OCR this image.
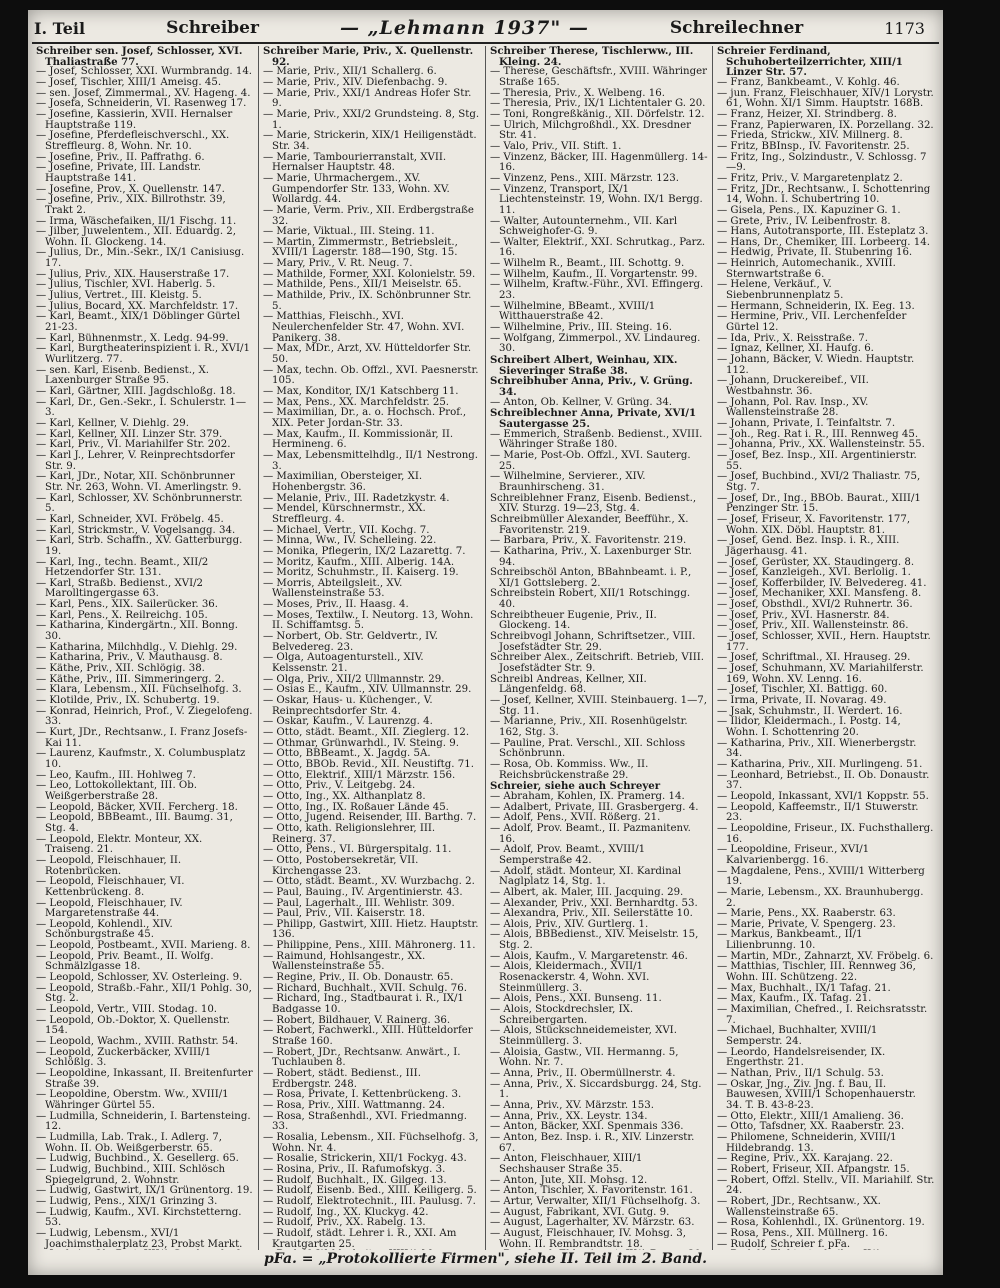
I. Teil	Schreiber	— „Lehmann 1937" —	Schreilechner	1173

Schreiber sen. Josef, Schlosser, XVI. Thaliastraße 77.

— Josef, Schlosser, XXI. Wurmbrandg. 14.

— Josef, Tischler, XIII/1 Ameisg. 45.

— sen. Josef, Zimmermal., XV. Hageng. 4.

— Josefa, Schneiderin, VI. Rasenweg 17.

— Josefine, Kassierin, XVII. Hernalser Hauptstraße 119.

— Josefine, Pferdefleischverschl., XX. Streffleurg. 8, Wohn. Nr. 10.

— Josefine, Priv., II. Paffrathg. 6.

— Josefine, Private, III. Landstr. Hauptstraße 141.

— Josefine, Prov., X. Quellenstr. 147.

— Josefine, Priv., XIX. Billrothstr. 39, Trakt 2.

— Irma, Wäschefaiken, II/1 Fischg. 11.

— Jilber, Juwelentem., XII. Eduardg. 2, Wohn. II. Glockeng. 14.

— Julius, Dr., Min.-Sekr., IX/1 Canisiusg. 17.

— Julius, Priv., XIX. Hauserstraße 17.

— Julius, Tischler, XVI. Haberlg. 5.

— Julius, Vertret., III. Kleistg. 5.

— Julius, Bocard, XX. Marchfeldstr. 17.

— Karl, Beamt., XIX/1 Döblinger Gürtel 21-23.

— Karl, Bühnenmstr., X. Ledg. 94-99.

— Karl, Burgtheaterinspizient i. R., XVI/1 Wurlitzerg. 77.

— sen. Karl, Eisenb. Bedienst., X. Laxenburger Straße 95.

— Karl, Gärtner, XIII. Jagdschloßg. 18.

— Karl, Dr., Gen.-Sekr., I. Schulerstr. 1—3.

— Karl, Kellner, V. Diehlg. 29.

— Karl, Kellner, XII. Linzer Str. 379.

— Karl, Priv., VI. Mariahilfer Str. 202.

— Karl J., Lehrer, V. Reinprechtsdorfer Str. 9.

— Karl, JDr., Notar, XII. Schönbrunner Str. Nr. 263, Wohn. VI. Amerlingstr. 9.

— Karl, Schlosser, XV. Schönbrunnerstr. 5.

— Karl, Schneider, XVI. Fröbelg. 45.

— Karl, Strickmstr., V. Vogelsangg. 34.

— Karl, Strb. Schaffn., XV. Gatterburgg. 19.

— Karl, Ing., techn. Beamt., XII/2 Hetzendorfer Str. 131.

— Karl, Straßb. Bedienst., XVI/2 Marolltingergasse 63.

— Karl, Pens., XIX. Sailerücker. 36.

— Karl, Pens., X. Reilreichg. 105.

— Katharina, Kindergärtn., XII. Bonng. 30.

— Katharina, Milchhdlg., V. Diehlg. 29.

— Katharina, Priv., V. Mauthausg. 8.

— Käthe, Priv., XII. Schlögig. 38.

— Käthe, Priv., III. Simmeringerg. 2.

— Klara, Lebensm., XII. Füchselhofg. 3.

— Klotilde, Priv., IX. Schubertg. 19.

— Konrad, Heinrich, Prof., V. Ziegelofeng. 33.

— Kurt, JDr., Rechtsanw., I. Franz Josefs-Kai 11.

— Laurenz, Kaufmstr., X. Columbusplatz 10.

— Leo, Kaufm., III. Hohlweg 7.

— Leo, Lottokollektant, III. Ob. Weißgerberstraße 28.

— Leopold, Bäcker, XVII. Fercherg. 18.

— Leopold, BBBeamt., III. Baumg. 31, Stg. 4.

— Leopold, Elektr. Monteur, XX. Traiseng. 21.

— Leopold, Fleischhauer, II. Rotenbrücken.

— Leopold, Fleischhauer, VI. Kettenbrückeng. 8.

— Leopold, Fleischhauer, IV. Margaretenstraße 44.

— Leopold, Kohlendl., XIV. Schönburgstraße 45.

— Leopold, Postbeamt., XVII. Marieng. 8.

— Leopold, Priv. Beamt., II. Wolfg. Schmälzlgasse 18.

— Leopold, Schlosser, XV. Osterleing. 9.

— Leopold, Straßb.-Fahr., XII/1 Pohlg. 30, Stg. 2.

— Leopold, Vertr., VIII. Stodag. 10.

— Leopold, Ob.-Doktor, X. Quellenstr. 154.

— Leopold, Wachm., XVIII. Rathstr. 54.

— Leopold, Zuckerbäcker, XVIII/1 Schlößlg. 3.

— Leopoldine, Inkassant, II. Breitenfurter Straße 39.

— Leopoldine, Oberstm. Ww., XVIII/1 Währinger Gürtel 55.

— Ludmilla, Schneiderin, I. Bartensteing. 12.

— Ludmilla, Lab. Trak., I. Adlerg. 7, Wohn. II. Ob. Weißgerberstr. 65.

— Ludwig, Buchbind., X. Gesellerg. 65.

— Ludwig, Buchbind., XIII. Schlösch Spiegelgrund, 2. Wohnstr.

— Ludwig, Gastwirt, IX/1 Grünentorg. 19.

— Ludwig, Pens., XIX/1 Grinzing 3.

— Ludwig, Kaufm., XVI. Kirchstetterng. 53.

— Ludwig, Lebensm., XVI/1 Joachimsthalerplatz 23, Probst Markt.

Schreiber Marie, Priv., X. Quellenstr. 92.

— Marie, Priv., XII/1 Schallerg. 6.

— Marie, Priv., XIV. Diefenbachg. 9.

— Marie, Priv., XXI/1 Andreas Hofer Str. 9.

— Marie, Priv., XXI/2 Grundsteing. 8, Stg. 1.

— Marie, Strickerin, XIX/1 Heiligenstädt. Str. 34.

— Marie, Tambourierranstalt, XVII. Hernalser Hauptstr. 48.

— Marie, Uhrmachergem., XV. Gumpendorfer Str. 133, Wohn. XV. Wollardg. 44.

— Marie, Verm. Priv., XII. Erdbergstraße 32.

— Marie, Viktual., III. Steing. 11.

— Martin, Zimmermstr., Betriebsleit., XVIII/1 Lagerstr. 188—190, Stg. 15.

— Mary, Priv., V. Rt. Neug. 7.

— Mathilde, Former, XXI. Kolonielstr. 59.

— Mathilde, Pens., XII/1 Meiselstr. 65.

— Mathilde, Priv., IX. Schönbrunner Str. 5.

— Matthias, Fleischh., XVI. Neulerchenfelder Str. 47, Wohn. XVI. Panikerg. 38.

— Max, MDr., Arzt, XV. Hütteldorfer Str. 50.

— Max, techn. Ob. Offzl., XVI. Paesnerstr. 105.

— Max, Konditor, IX/1 Katschberg 11.

— Max, Pens., XX. Marchfeldstr. 25.

— Maximilian, Dr., a. o. Hochsch. Prof., XIX. Peter Jordan-Str. 33.

— Max, Kaufm., II. Kommissionär, II. Hermineng. 6.

— Max, Lebensmittelhdlg., II/1 Nestrong. 3.

— Maximilian, Obersteiger, XI. Hohenbergstr. 36.

— Melanie, Priv., III. Radetzkystr. 4.

— Mendel, Kürschnermstr., XX. Streffleurg. 4.

— Michael, Vertr., VII. Kochg. 7.

— Minna, Ww., IV. Schelleing. 22.

— Monika, Pflegerin, IX/2 Lazarettg. 7.

— Moritz, Kaufm., XIII. Alberig. 14A.

— Moritz, Schuhmstr., II. Kaiserg. 19.

— Morris, Abteilgsleit., XV. Wallensteinstraße 53.

— Moses, Priv., II. Haasg. 4.

— Moses, Textilw., I. Neutorg. 13, Wohn. II. Schiffamtsg. 5.

— Norbert, Ob. Str. Geldvertr., IV. Belvedereg. 23.

— Olga, Autoagenturstell., XIV. Kelssenstr. 21.

— Olga, Priv., XII/2 Ullmannstr. 29.

— Osias E., Kaufm., XIV. Ullmannstr. 29.

— Oskar, Haus- u. Küchenger., V. Reinprechtsdorfer Str. 4.

— Oskar, Kaufm., V. Laurenzg. 4.

— Otto, städt. Beamt., XII. Zieglerg. 12.

— Othmar, Grünwarhdl., IV. Steing. 9.

— Otto, BBBeamt., X. Jagdg. 5A.

— Otto, BBOb. Revid., XII. Neustiftg. 71.

— Otto, Elektrif., XIII/1 Märzstr. 156.

— Otto, Priv., V. Leitgebg. 24.

— Otto, Ing., XX. Althanplatz 8.

— Otto, Ing., IX. Roßauer Lände 45.

— Otto, Jugend. Reisender, III. Barthg. 7.

— Otto, kath. Religionslehrer, III. Reinerg. 37.

— Otto, Pens., VI. Bürgerspitalg. 11.

— Otto, Postobersekretär, VII. Kirchengasse 23.

— Otto, städt. Beamt., XV. Wurzbachg. 2.

— Paul, Bauing., IV. Argentinierstr. 43.

— Paul, Lagerhalt., III. Wehlistr. 309.

— Paul, Priv., VII. Kaiserstr. 18.

— Philipp, Gastwirt, XIII. Hietz. Hauptstr. 136.

— Philippine, Pens., XIII. Mähronerg. 11.

— Raimund, Hohlsangestr., XX. Wallensteinstraße 55.

— Regine, Priv., II. Ob. Donaustr. 65.

— Richard, Buchhalt., XVII. Schulg. 76.

— Richard, Ing., Stadtbaurat i. R., IX/1 Badgasse 10.

— Robert, Bildhauer, V. Rainerg. 36.

— Robert, Fachwerkl., XIII. Hütteldorfer Straße 160.

— Robert, JDr., Rechtsanw. Anwärt., I. Tuchlauben 8.

— Robert, städt. Bedienst., III. Erdbergstr. 248.

— Rosa, Private, I. Kettenbrückeng. 3.

— Rosa, Priv., XIII. Wattmanng. 24.

— Rosa, Straßenhdl., XVI. Friedmanng. 33.

— Rosalia, Lebensm., XII. Füchselhofg. 3, Wohn. Nr. 4.

— Rosalie, Strickerin, XII/1 Fockyg. 43.

— Rosina, Priv., II. Rafumofskyg. 3.

— Rudolf, Buchhalt., IX. Gilgeg. 13.

— Rudolf, Eisenb. Bed., XIII. Keiligerg. 5.

— Rudolf, Elektrotechnit., III. Paulusg. 7.

— Rudolf, Ing., XX. Kluckyg. 42.

— Rudolf, Priv., XX. Rabelg. 13.

— Rudolf, städt. Lehrer i. R., XXI. Am Krautgarten 25.

Schreiber Therese, Tischlerww., III. Kleing. 24.

— Therese, Geschäftsfr., XVIII. Währinger Straße 165.

— Theresia, Priv., X. Welbeng. 16.

— Theresia, Priv., IX/1 Lichtentaler G. 20.

— Toni, Rongreßkänig., XII. Dörfelstr. 12.

— Ulrich, Milchgroßhdl., XX. Dresdner Str. 41.

— Valo, Priv., VII. Stift. 1.

— Vinzenz, Bäcker, III. Hagenmüllerg. 14-16.

— Vinzenz, Pens., XIII. Märzstr. 123.

— Vinzenz, Transport, IX/1 Liechtensteinstr. 19, Wohn. IX/1 Bergg. 11.

— Walter, Autounternehm., VII. Karl Schweighofer-G. 9.

— Walter, Elektrif., XXI. Schrutkag., Parz. 16.

— Wilhelm R., Beamt., III. Schottg. 9.

— Wilhelm, Kaufm., II. Vorgartenstr. 99.

— Wilhelm, Kraftw.-Führ., XVI. Effingerg. 23.

— Wilhelmine, BBeamt., XVIII/1 Witthauerstraße 42.

— Wilhelmine, Priv., III. Steing. 16.

— Wolfgang, Zimmerpol., XV. Lindaureg. 30.

Schreibert Albert, Weinhau, XIX. Sieveringer Straße 38.

Schreibhuber Anna, Priv., V. Grüng. 34.

— Anton, Ob. Kellner, V. Grüng. 34.

Schreiblechner Anna, Private, XVI/1 Sautergasse 25.

— Emmerich, Straßenb. Bedienst., XVIII. Währinger Straße 180.

— Marie, Post-Ob. Offzl., XVI. Sauterg. 25.

— Wilhelmine, Servierer., XIV. Braunhirscheng. 31.

Schreiblehner Franz, Eisenb. Bedienst., XIV. Sturzg. 19—23, Stg. 4.

Schreibmüller Alexander, Beefführ., X. Favoritenstr. 219.

— Barbara, Priv., X. Favoritenstr. 219.

— Katharina, Priv., X. Laxenburger Str. 94.

Schreibschöl Anton, BBahnbeamt. i. P., XI/1 Gottsleberg. 2.

Schreibstein Robert, XII/1 Rotschingg. 40.

Schreibtheuer Eugenie, Priv., II. Glockeng. 14.

Schreibvogl Johann, Schriftsetzer., VIII. Josefstädter Str. 29.

Schreiber Alex., Zeitschrift. Betrieb, VIII. Josefstädter Str. 9.

Schreibl Andreas, Kellner, XII. Längenfeldg. 68.

— Josef, Kellner, XVIII. Steinbauerg. 1—7, Stg. 11.

— Marianne, Priv., XII. Rosenhügelstr. 162, Stg. 3.

— Pauline, Prat. Verschl., XII. Schloss Schönbrunn.

— Rosa, Ob. Kommiss. Ww., II. Reichsbrückenstraße 29.

Schreier, siehe auch Schreyer

— Abraham, Kohlen, IX. Pramerg. 14.

— Adalbert, Private, III. Grasbergerg. 4.

— Adolf, Pens., XVII. Rößerg. 21.

— Adolf, Prov. Beamt., II. Pazmanitenv. 16.

— Adolf, Prov. Beamt., XVIII/1 Semperstraße 42.

— Adolf, städt. Monteur, XI. Kardinal Naglplatz 14, Stg. 1.

— Albert, ak. Maler, III. Jacquing. 29.

— Alexander, Priv., XXI. Bernhardtg. 53.

— Alexandra, Priv., XII. Seilerstätte 10.

— Alois, Priv., XIV. Gurtlerg. 1.

— Alois, BBBedienst., XIV. Meiselstr. 15, Stg. 2.

— Alois, Kaufm., V. Margaretenstr. 46.

— Alois, Kleidermach., XVII/1 Rosenackerstr. 4, Wohn. XVI. Steinmüllerg. 3.

— Alois, Pens., XXI. Bunseng. 11.

— Alois, Stockdrechsler, IX. Schreibergarten.

— Alois, Stückschneidemeister, XVI. Steinmüllerg. 3.

— Aloisia, Gastw., VII. Hermanng. 5, Wohn. Nr. 7.

— Anna, Priv., II. Obermüllnerstr. 4.

— Anna, Priv., X. Siccardsburgg. 24, Stg. 1.

— Anna, Priv., XV. Märzstr. 153.

— Anna, Priv., XX. Leystr. 134.

— Anton, Bäcker, XXI. Spenmais 336.

— Anton, Bez. Insp. i. R., XIV. Linzerstr. 67.

— Anton, Fleischhauer, XIII/1 Sechshauser Straße 35.

— Anton, Jute, XII. Mohsg. 12.

— Anton, Tischler, X. Favoritenstr. 161.

— Artur, Verwalter, XII/1 Füchselhofg. 3.

— August, Fabrikant, XVI. Gutg. 9.

— August, Lagerhalter, XV. Märzstr. 63.

— August, Fleischhauer, IV. Mohsg. 3, Wohn. II. Rembrandtstr. 18.

Schreier Ferdinand, Schuhoberteilzerrichter, XIII/1 Linzer Str. 57.

— Franz, Bankbeamt., V. Kohlg. 46.

— jun. Franz, Fleischhauer, XIV/1 Lorystr. 61, Wohn. XI/1 Simm. Hauptstr. 168B.

— Franz, Heizer, XI. Strindberg. 8.

— Franz, Papierwaren, IX. Porzellang. 32.

— Frieda, Strickw., XIV. Millnerg. 8.

— Fritz, BBInsp., IV. Favoritenstr. 25.

— Fritz, Ing., Solzindustr., V. Schlossg. 7—9.

— Fritz, Priv., V. Margaretenplatz 2.

— Fritz, JDr., Rechtsanw., I. Schottenring 14, Wohn. I. Schubertring 10.

— Gisela, Pens., IX. Kapuziner G. 1.

— Grete, Priv., IV. Leibenfrostr. 8.

— Hans, Autotransporte, III. Esteplatz 3.

— Hans, Dr., Chemiker, III. Lorbeerg. 14.

— Hedwig, Private, II. Stubenring 16.

— Heinrich, Automechanik., XVIII. Sternwartstraße 6.

— Helene, Verkäuf., V. Siebenbrunnenplatz 5.

— Hermann, Schneiderin, IX. Eeg. 13.

— Hermine, Priv., VII. Lerchenfelder Gürtel 12.

— Ida, Priv., X. Reisstraße. 7.

— Ignaz, Kellner, XI. Haufg. 6.

— Johann, Bäcker, V. Wiedn. Hauptstr. 112.

— Johann, Druckereibef., VII. Westbahnstr. 36.

— Johann, Pol. Rav. Insp., XV. Wallensteinstraße 28.

— Johann, Private, I. Teinfaltstr. 7.

— Joh., Reg. Rat i. R., III. Rennweg 45.

— Johanna, Priv., XX. Wallensteinstr. 55.

— Josef, Bez. Insp., XII. Argentinierstr. 55.

— Josef, Buchbind., XVI/2 Thaliastr. 75, Stg. 7.

— Josef, Dr., Ing., BBOb. Baurat., XIII/1 Penzinger Str. 15.

— Josef, Friseur, X. Favoritenstr. 177, Wohn. XIX. Döbl. Hauptstr. 81.

— Josef, Gend. Bez. Insp. i. R., XIII. Jägerhausg. 41.

— Josef, Gerüster, XX. Staudingerg. 8.

— Josef, Kanzleigeh., XVI. Berlolig. 1.

— Josef, Kofferbilder, IV. Belvedereg. 41.

— Josef, Mechaniker, XXI. Mansfeng. 8.

— Josef, Obsthdl., XVI/2 Ruhnertr. 36.

— Josef, Priv., XVI. Hasnerstr. 84.

— Josef, Priv., XII. Wallensteinstr. 86.

— Josef, Schlosser, XVII., Hern. Hauptstr. 177.

— Josef, Schriftmal., XI. Hrauseg. 29.

— Josef, Schuhmann, XV. Mariahilferstr. 169, Wohn. XV. Lenng. 16.

— Josef, Tischler, XI. Battigg. 60.

— Irma, Private, II. Novarag. 49.

— Jsak, Schuhmstr., II. Werdert. 16.

— Ilidor, Kleidermach., I. Postg. 14, Wohn. I. Schottenring 20.

— Katharina, Priv., XII. Wienerbergstr. 34.

— Katharina, Priv., XII. Murlingeng. 51.

— Leonhard, Betriebst., II. Ob. Donaustr. 37.

— Leopold, Inkassant, XVI/1 Koppstr. 55.

— Leopold, Kaffeemstr., II/1 Stuwerstr. 23.

— Leopoldine, Friseur., IX. Fuchsthallerg. 16.

— Leopoldine, Friseur., XVI/1 Kalvarienbergg. 16.

— Magdalene, Pens., XVIII/1 Witterberg 19.

— Marie, Lebensm., XX. Braunhubergg. 2.

— Marie, Pens., XX. Raaberstr. 63.

— Marie, Private, V. Spengerg. 23.

— Markus, Bankbeamt., II/1 Lilienbrunng. 10.

— Martin, MDr., Zahnarzt, XV. Fröbelg. 6.

— Matthias, Tischler, III. Rennweg 36, Wohn. III. Schützeng. 22.

— Max, Buchhalt., IX/1 Tafag. 21.

— Max, Kaufm., IX. Tafag. 21.

— Maximilian, Chefred., I. Reichsratsstr. 7.

— Michael, Buchhalter, XVIII/1 Semperstr. 24.

— Leordo, Handelsreisender, IX. Engerthstr. 21.

— Nathan, Priv., II/1 Schulg. 53.

— Oskar, Jng., Ziv. Jng. f. Bau, II. Bauwesen, XVIII/1 Schopenhauerstr. 34. T. B. 43-8-23.

— Otto, Elektr., XIII/1 Amalieng. 36.

— Otto, Tafsdner, XX. Raaberstr. 23.

— Philomene, Schneiderin, XVIII/1 Hildebrandg. 13.

— Regine, Priv., XX. Karajang. 22.

— Robert, Friseur, XII. Afpangstr. 15.

— Robert, Offzl. Stellv., VII. Mariahilf. Str. 24.

— Robert, JDr., Rechtsanw., XX. Wallensteinstraße 65.

— Rosa, Kohlenhdl., IX. Grünentorg. 19.

— Rosa, Pens., XII. Müllnerg. 16.

— Rudolf, Schreier f. pFa.

pFa. = „Protokollierte Firmen", siehe II. Teil im 2. Band.
